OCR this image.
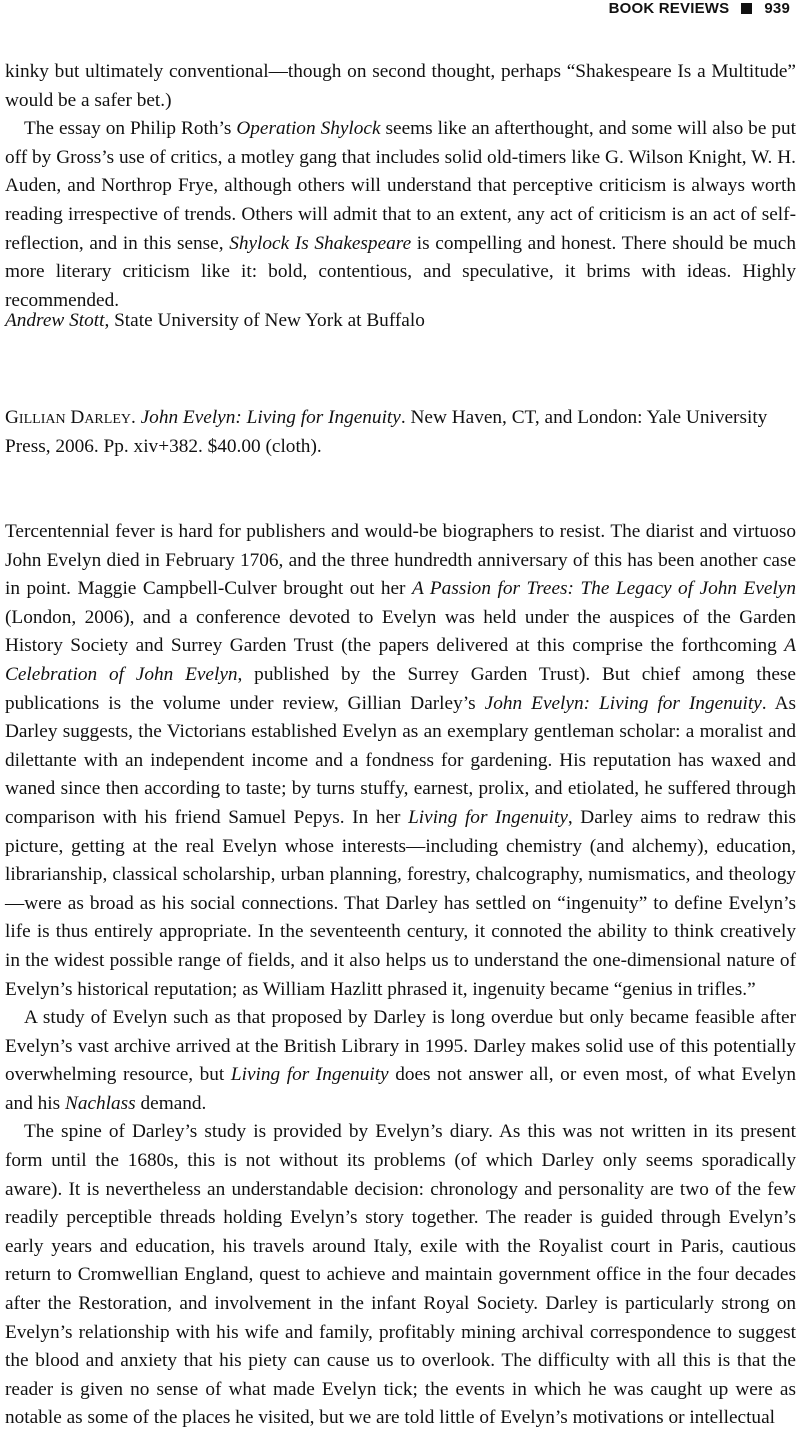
BOOK REVIEWS 939

kinky but ultimately conventional—though on second thought, perhaps “Shakespeare Is a Multitude” would be a safer bet.)

The essay on Philip Roth’s Operation Shylock seems like an afterthought, and some will also be put off by Gross’s use of critics, a motley gang that includes solid old-timers like G. Wilson Knight, W. H. Auden, and Northrop Frye, although others will understand that perceptive criticism is always worth reading irrespective of trends. Others will admit that to an extent, any act of criticism is an act of self-reflection, and in this sense, Shylock Is Shakespeare is compelling and honest. There should be much more literary criticism like it: bold, contentious, and speculative, it brims with ideas. Highly recommended.

Andrew Stott, State University of New York at Buffalo

Gillian Darley. John Evelyn: Living for Ingenuity. New Haven, CT, and London: Yale University Press, 2006. Pp. xiv+382. $40.00 (cloth).

Tercentennial fever is hard for publishers and would-be biographers to resist. The diarist and virtuoso John Evelyn died in February 1706, and the three hundredth anniversary of this has been another case in point. Maggie Campbell-Culver brought out her A Passion for Trees: The Legacy of John Evelyn (London, 2006), and a conference devoted to Evelyn was held under the auspices of the Garden History Society and Surrey Garden Trust (the papers delivered at this comprise the forthcoming A Celebration of John Evelyn, published by the Surrey Garden Trust). But chief among these publications is the volume under review, Gillian Darley’s John Evelyn: Living for Ingenuity. As Darley suggests, the Victorians established Evelyn as an exemplary gentleman scholar: a moralist and dilettante with an independent income and a fondness for gardening. His reputation has waxed and waned since then according to taste; by turns stuffy, earnest, prolix, and etiolated, he suffered through comparison with his friend Samuel Pepys. In her Living for Ingenuity, Darley aims to redraw this picture, getting at the real Evelyn whose interests—including chemistry (and alchemy), education, librarianship, classical scholarship, urban planning, forestry, chalcography, numismatics, and theology—were as broad as his social connections. That Darley has settled on “ingenuity” to define Evelyn’s life is thus entirely appropriate. In the seventeenth century, it connoted the ability to think creatively in the widest possible range of fields, and it also helps us to understand the one-dimensional nature of Evelyn’s historical reputation; as William Hazlitt phrased it, ingenuity became “genius in trifles.”

A study of Evelyn such as that proposed by Darley is long overdue but only became feasible after Evelyn’s vast archive arrived at the British Library in 1995. Darley makes solid use of this potentially overwhelming resource, but Living for Ingenuity does not answer all, or even most, of what Evelyn and his Nachlass demand.

The spine of Darley’s study is provided by Evelyn’s diary. As this was not written in its present form until the 1680s, this is not without its problems (of which Darley only seems sporadically aware). It is nevertheless an understandable decision: chronology and personality are two of the few readily perceptible threads holding Evelyn’s story together. The reader is guided through Evelyn’s early years and education, his travels around Italy, exile with the Royalist court in Paris, cautious return to Cromwellian England, quest to achieve and maintain government office in the four decades after the Restoration, and involvement in the infant Royal Society. Darley is particularly strong on Evelyn’s relationship with his wife and family, profitably mining archival correspondence to suggest the blood and anxiety that his piety can cause us to overlook. The difficulty with all this is that the reader is given no sense of what made Evelyn tick; the events in which he was caught up were as notable as some of the places he visited, but we are told little of Evelyn’s motivations or intellectual
